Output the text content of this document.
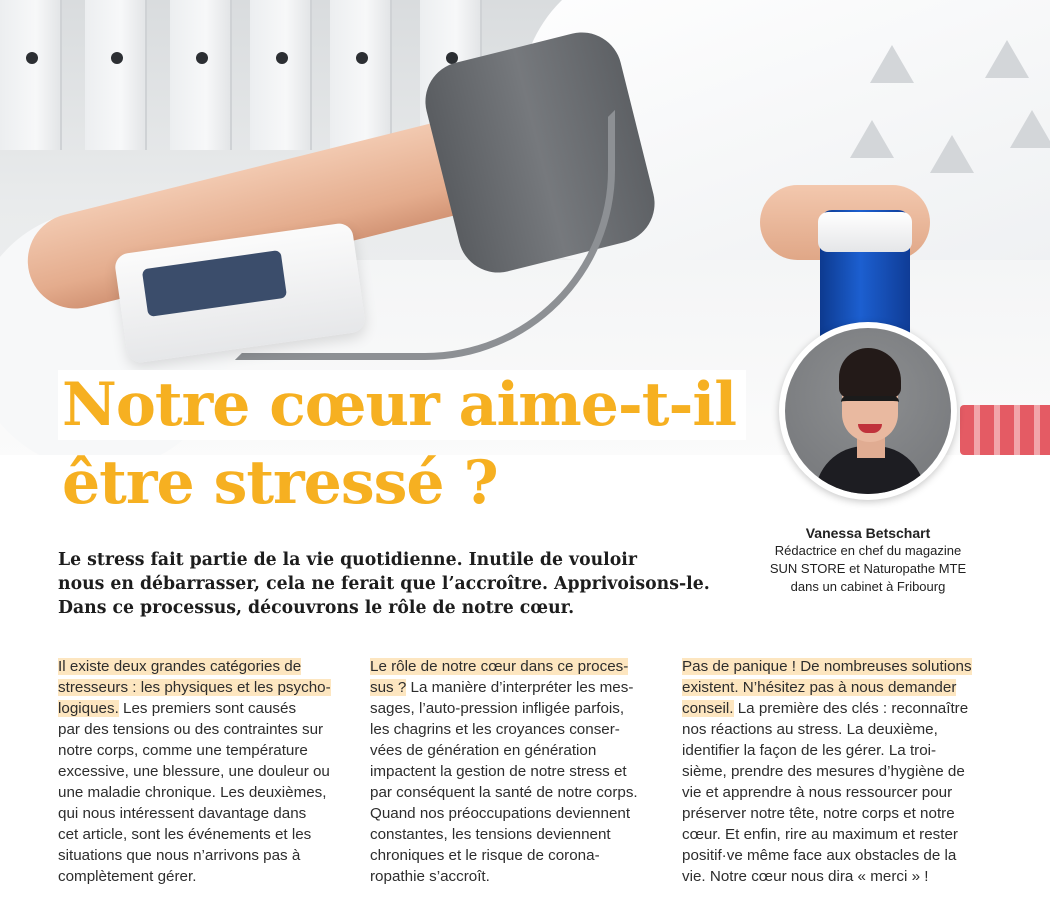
Notre cœur aime-t-il
être stressé ?
Vanessa Betschart
Rédactrice en chef du magazine
SUN STORE et Naturopathe MTE
dans un cabinet à Fribourg
Le stress fait partie de la vie quotidienne. Inutile de vouloir
nous en débarrasser, cela ne ferait que l’accroître. Apprivoisons-le.
Dans ce processus, découvrons le rôle de notre cœur.
Il existe deux grandes catégories de
stresseurs : les physiques et les psycho-
logiques. Les premiers sont causés
par des tensions ou des contraintes sur
notre corps, comme une température
excessive, une blessure, une douleur ou
une maladie chronique. Les deuxièmes,
qui nous intéressent davantage dans
cet article, sont les événements et les
situations que nous n’arrivons pas à
complètement gérer.
Le rôle de notre cœur dans ce proces-
sus ? La manière d’interpréter les mes-
sages, l’auto-pression infligée parfois,
les chagrins et les croyances conser-
vées de génération en génération
impactent la gestion de notre stress et
par conséquent la santé de notre corps.
Quand nos préoccupations deviennent
constantes, les tensions deviennent
chroniques et le risque de corona-
ropathie s’accroît.
Pas de panique ! De nombreuses solutions
existent. N’hésitez pas à nous demander
conseil. La première des clés : reconnaître
nos réactions au stress. La deuxième,
identifier la façon de les gérer. La troi-
sième, prendre des mesures d’hygiène de
vie et apprendre à nous ressourcer pour
préserver notre tête, notre corps et notre
cœur. Et enfin, rire au maximum et rester
positif·ve même face aux obstacles de la
vie. Notre cœur nous dira « merci » !
